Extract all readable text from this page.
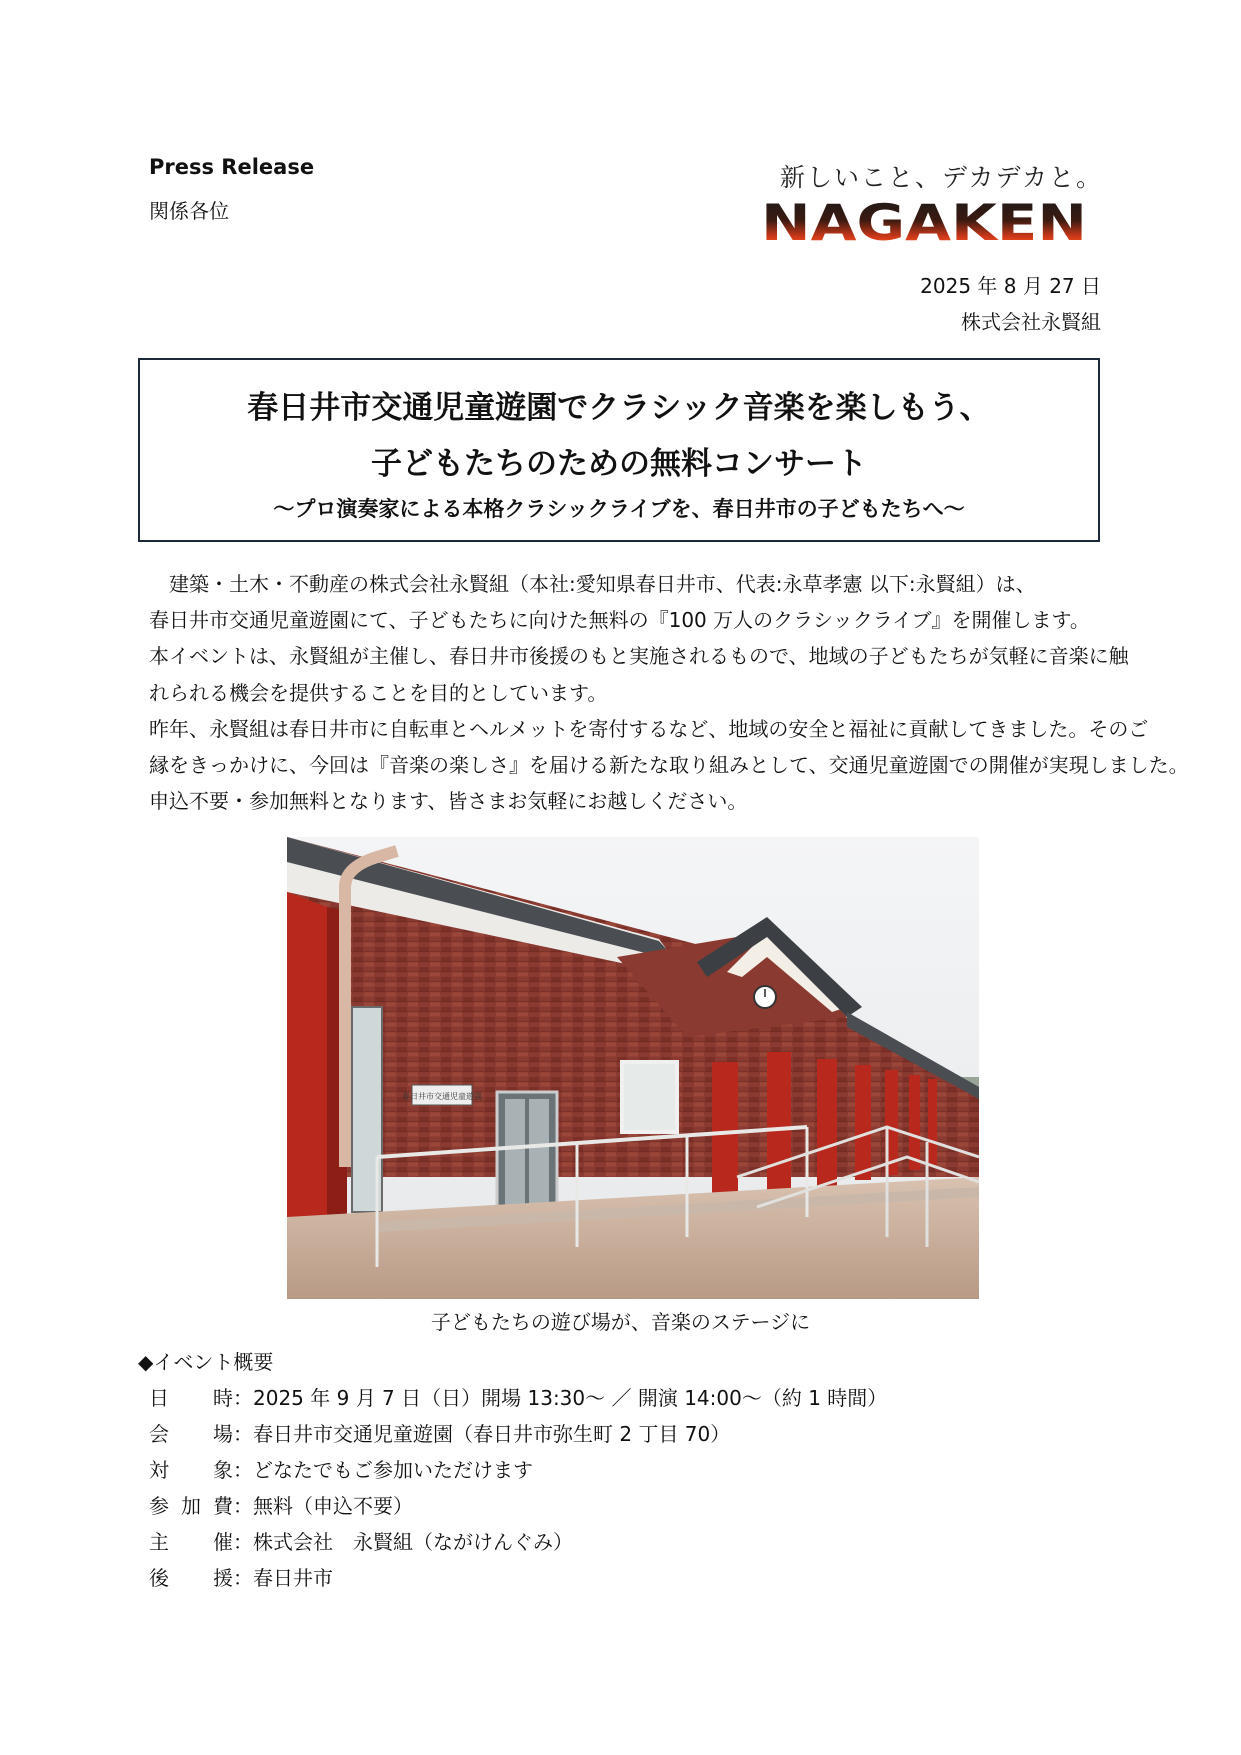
Press Release
関係各位
新しいこと、デカデカと。
NAGAKEN
2025 年 8 月 27 日
株式会社永賢組
春日井市交通児童遊園でクラシック音楽を楽しもう、
子どもたちのための無料コンサート
～プロ演奏家による本格クラシックライブを、春日井市の子どもたちへ～

　建築・土木・不動産の株式会社永賢組（本社:愛知県春日井市、代表:永草孝憲 以下:永賢組）は、

春日井市交通児童遊園にて、子どもたちに向けた無料の『100 万人のクラシックライブ』を開催します。

本イベントは、永賢組が主催し、春日井市後援のもと実施されるもので、地域の子どもたちが気軽に音楽に触

れられる機会を提供することを目的としています。

昨年、永賢組は春日井市に自転車とヘルメットを寄付するなど、地域の安全と福祉に貢献してきました。そのご

縁をきっかけに、今回は『音楽の楽しさ』を届ける新たな取り組みとして、交通児童遊園での開催が実現しました。

申込不要・参加無料となります、皆さまお気軽にお越しください。

春日井市交通児童遊園
子どもたちの遊び場が、音楽のステージに
◆イベント概要
日時：2025 年 9 月 7 日（日）開場 13:30～ ／ 開演 14:00～（約 1 時間）
会場：春日井市交通児童遊園（春日井市弥生町 2 丁目 70）
対象：どなたでもご参加いただけます
参加費：無料（申込不要）
主催：株式会社　永賢組（ながけんぐみ）
後援：春日井市
